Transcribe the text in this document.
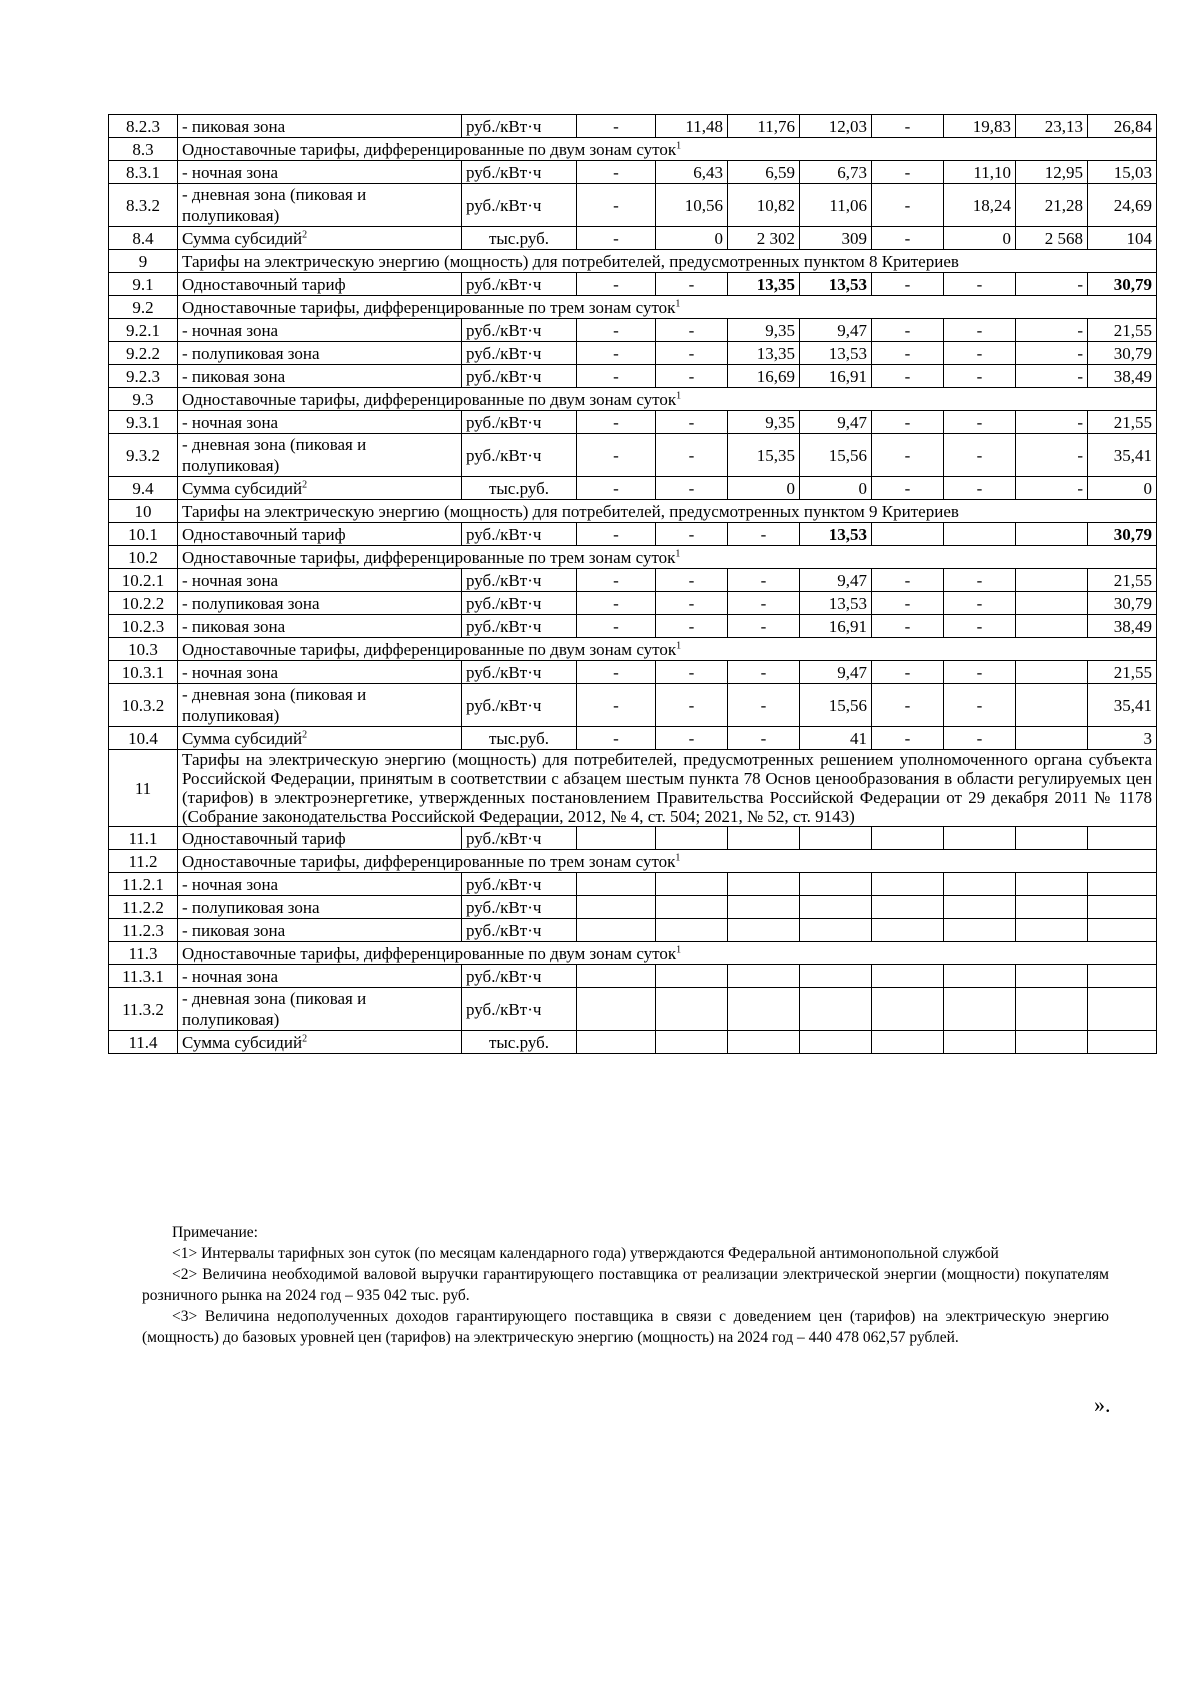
8.2.3	- пиковая зона	руб./кВт·ч	-	11,48	11,76	12,03	-	19,83	23,13	26,84
8.3	Одноставочные тарифы, дифференцированные по двум зонам суток$^1$
8.3.1	- ночная зона	руб./кВт·ч	-	6,43	6,59	6,73	-	11,10	12,95	15,03
8.3.2	- дневная зона (пиковая и полупиковая)	руб./кВт·ч	-	10,56	10,82	11,06	-	18,24	21,28	24,69
8.4	Сумма субсидий$^2$	тыс.руб.	-	0	2 302	309	-	0	2 568	104
9	Тарифы на электрическую энергию (мощность) для потребителей, предусмотренных пунктом 8 Критериев									
9.1	Одноставочный тариф	руб./кВт·ч	-	-	13,35	13,53	-	-	-	30,79
9.2	Одноставочные тарифы, дифференцированные по трем зонам суток$^1$
9.2.1	- ночная зона	руб./кВт·ч	-	-	9,35	9,47	-	-	-	21,55
9.2.2	- полупиковая зона	руб./кВт·ч	-	-	13,35	13,53	-	-	-	30,79
9.2.3	- пиковая зона	руб./кВт·ч	-	-	16,69	16,91	-	-	-	38,49
9.3	Одноставочные тарифы, дифференцированные по двум зонам суток$^1$
9.3.1	- ночная зона	руб./кВт·ч	-	-	9,35	9,47	-	-	-	21,55
9.3.2	- дневная зона (пиковая и полупиковая)	руб./кВт·ч	-	-	15,35	15,56	-	-	-	35,41
9.4	Сумма субсидий$^2$	тыс.руб.	-	-	0	0	-	-	-	0
10	Тарифы на электрическую энергию (мощность) для потребителей, предусмотренных пунктом 9 Критериев									
10.1	Одноставочный тариф	руб./кВт·ч	-	-	-	13,53				30,79
10.2	Одноставочные тарифы, дифференцированные по трем зонам суток$^1$
10.2.1	- ночная зона	руб./кВт·ч	-	-	-	9,47	-	-		21,55
10.2.2	- полупиковая зона	руб./кВт·ч	-	-	-	13,53	-	-		30,79
10.2.3	- пиковая зона	руб./кВт·ч	-	-	-	16,91	-	-		38,49
10.3	Одноставочные тарифы, дифференцированные по двум зонам суток$^1$
10.3.1	- ночная зона	руб./кВт·ч	-	-	-	9,47	-	-		21,55
10.3.2	- дневная зона (пиковая и полупиковая)	руб./кВт·ч	-	-	-	15,56	-	-		35,41
10.4	Сумма субсидий$^2$	тыс.руб.	-	-	-	41	-	-		3
11	Тарифы на электрическую энергию (мощность) для потребителей, предусмотренных решением уполномоченного органа субъекта Российской Федерации, принятым в соответствии с абзацем шестым пункта 78 Основ ценообразования в области регулируемых цен (тарифов) в электроэнергетике, утвержденных постановлением Правительства Российской Федерации от 29 декабря 2011 № 1178 (Собрание законодательства Российской Федерации, 2012, № 4, ст. 504; 2021, № 52, ст. 9143)									
11.1	Одноставочный тариф	руб./кВт·ч								
11.2	Одноставочные тарифы, дифференцированные по трем зонам суток$^1$
11.2.1	- ночная зона	руб./кВт·ч								
11.2.2	- полупиковая зона	руб./кВт·ч								
11.2.3	- пиковая зона	руб./кВт·ч								
11.3	Одноставочные тарифы, дифференцированные по двум зонам суток$^1$
11.3.1	- ночная зона	руб./кВт·ч								
11.3.2	- дневная зона (пиковая и полупиковая)	руб./кВт·ч								
11.4	Сумма субсидий$^2$	тыс.руб.								

Примечание:

<1> Интервалы тарифных зон суток (по месяцам календарного года) утверждаются Федеральной антимонопольной службой

<2> Величина необходимой валовой выручки гарантирующего поставщика от реализации электрической энергии (мощности) покупателям розничного рынка на 2024 год – 935 042 тыс. руб.

<3> Величина недополученных доходов гарантирующего поставщика в связи с доведением цен (тарифов) на электрическую энергию (мощность) до базовых уровней цен (тарифов) на электрическую энергию (мощность) на 2024 год – 440 478 062,57 рублей.

».
